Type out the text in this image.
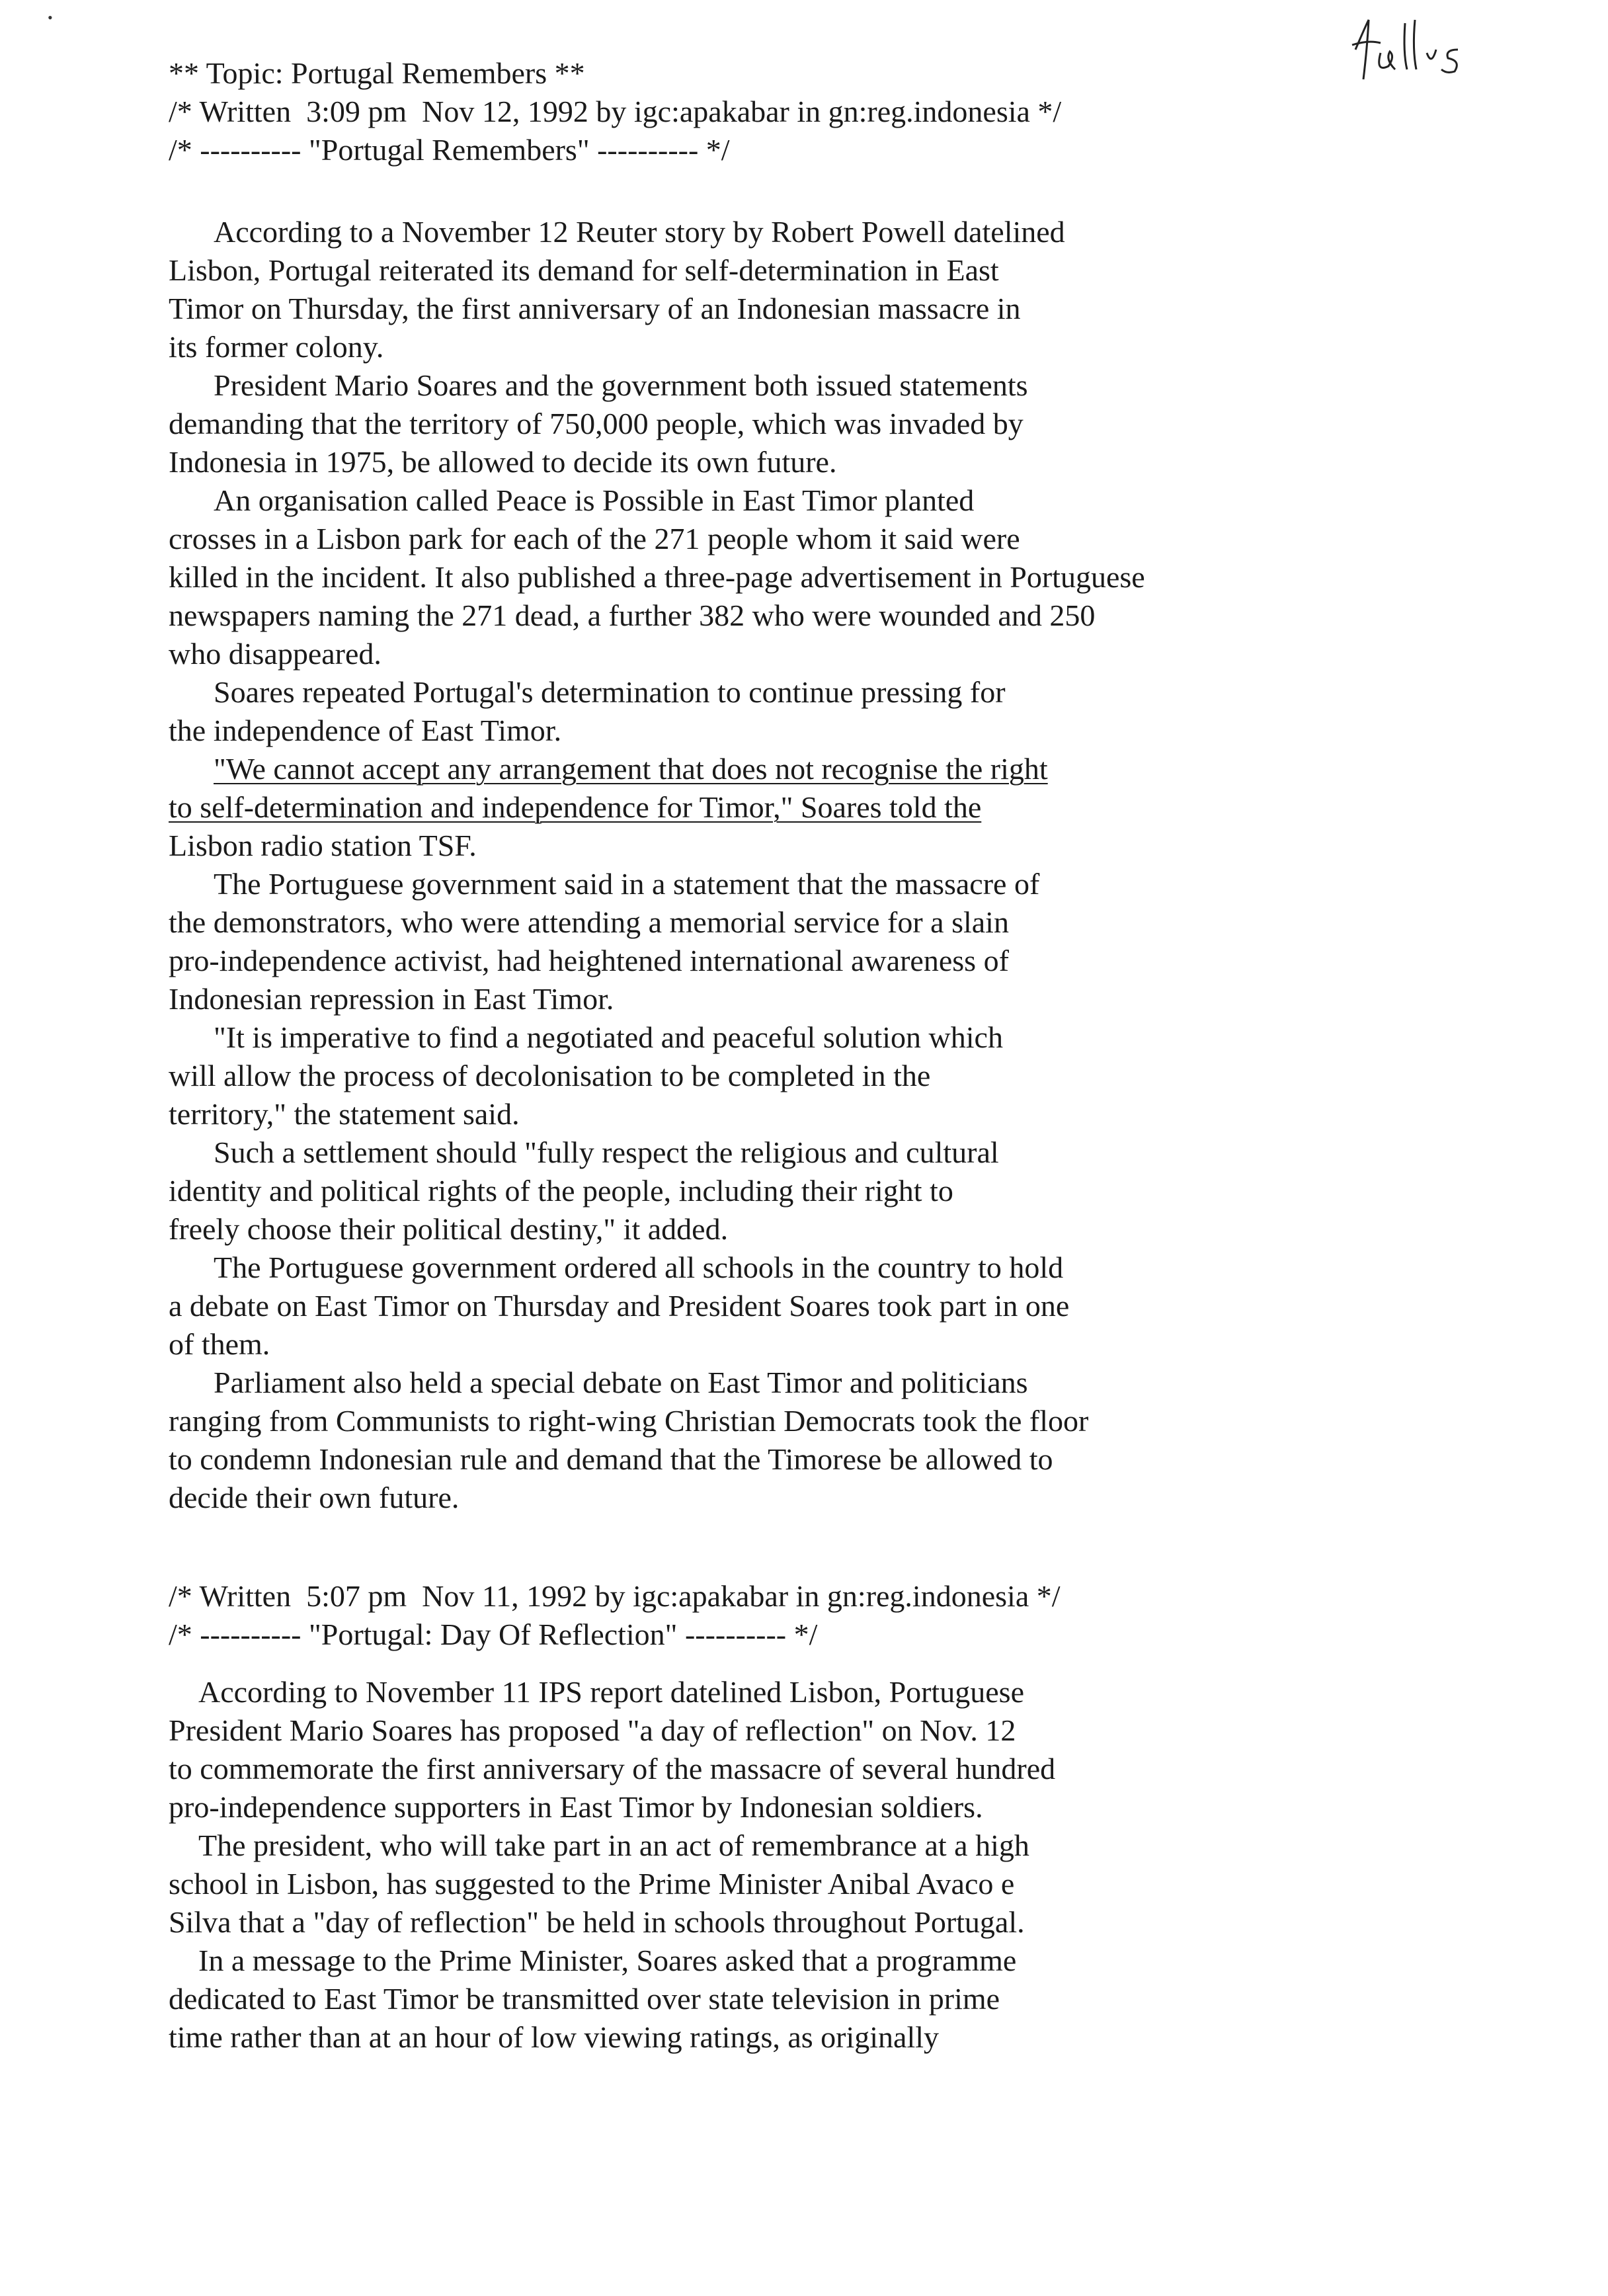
•
** Topic: Portugal Remembers **
/* Written  3:09 pm  Nov 12, 1992 by igc:apakabar in gn:reg.indonesia */
/* ---------- "Portugal Remembers" ---------- */
According to a November 12 Reuter story by Robert Powell datelined
Lisbon, Portugal reiterated its demand for self-determination in East
Timor on Thursday, the first anniversary of an Indonesian massacre in
its former colony.
President Mario Soares and the government both issued statements
demanding that the territory of 750,000 people, which was invaded by
Indonesia in 1975, be allowed to decide its own future.
An organisation called Peace is Possible in East Timor planted
crosses in a Lisbon park for each of the 271 people whom it said were
killed in the incident. It also published a three-page advertisement in Portuguese
newspapers naming the 271 dead, a further 382 who were wounded and 250
who disappeared.
Soares repeated Portugal's determination to continue pressing for
the independence of East Timor.
"We cannot accept any arrangement that does not recognise the right
to self-determination and independence for Timor," Soares told the
Lisbon radio station TSF.
The Portuguese government said in a statement that the massacre of
the demonstrators, who were attending a memorial service for a slain
pro-independence activist, had heightened international awareness of
Indonesian repression in East Timor.
"It is imperative to find a negotiated and peaceful solution which
will allow the process of decolonisation to be completed in the
territory," the statement said.
Such a settlement should "fully respect the religious and cultural
identity and political rights of the people, including their right to
freely choose their political destiny," it added.
The Portuguese government ordered all schools in the country to hold
a debate on East Timor on Thursday and President Soares took part in one
of them.
Parliament also held a special debate on East Timor and politicians
ranging from Communists to right-wing Christian Democrats took the floor
to condemn Indonesian rule and demand that the Timorese be allowed to
decide their own future.
/* Written  5:07 pm  Nov 11, 1992 by igc:apakabar in gn:reg.indonesia */
/* ---------- "Portugal: Day Of Reflection" ---------- */
According to November 11 IPS report datelined Lisbon, Portuguese
President Mario Soares has proposed "a day of reflection" on Nov. 12
to commemorate the first anniversary of the massacre of several hundred
pro-independence supporters in East Timor by Indonesian soldiers.
The president, who will take part in an act of remembrance at a high
school in Lisbon, has suggested to the Prime Minister Anibal Avaco e
Silva that a "day of reflection" be held in schools throughout Portugal.
In a message to the Prime Minister, Soares asked that a programme
dedicated to East Timor be transmitted over state television in prime
time rather than at an hour of low viewing ratings, as originally
